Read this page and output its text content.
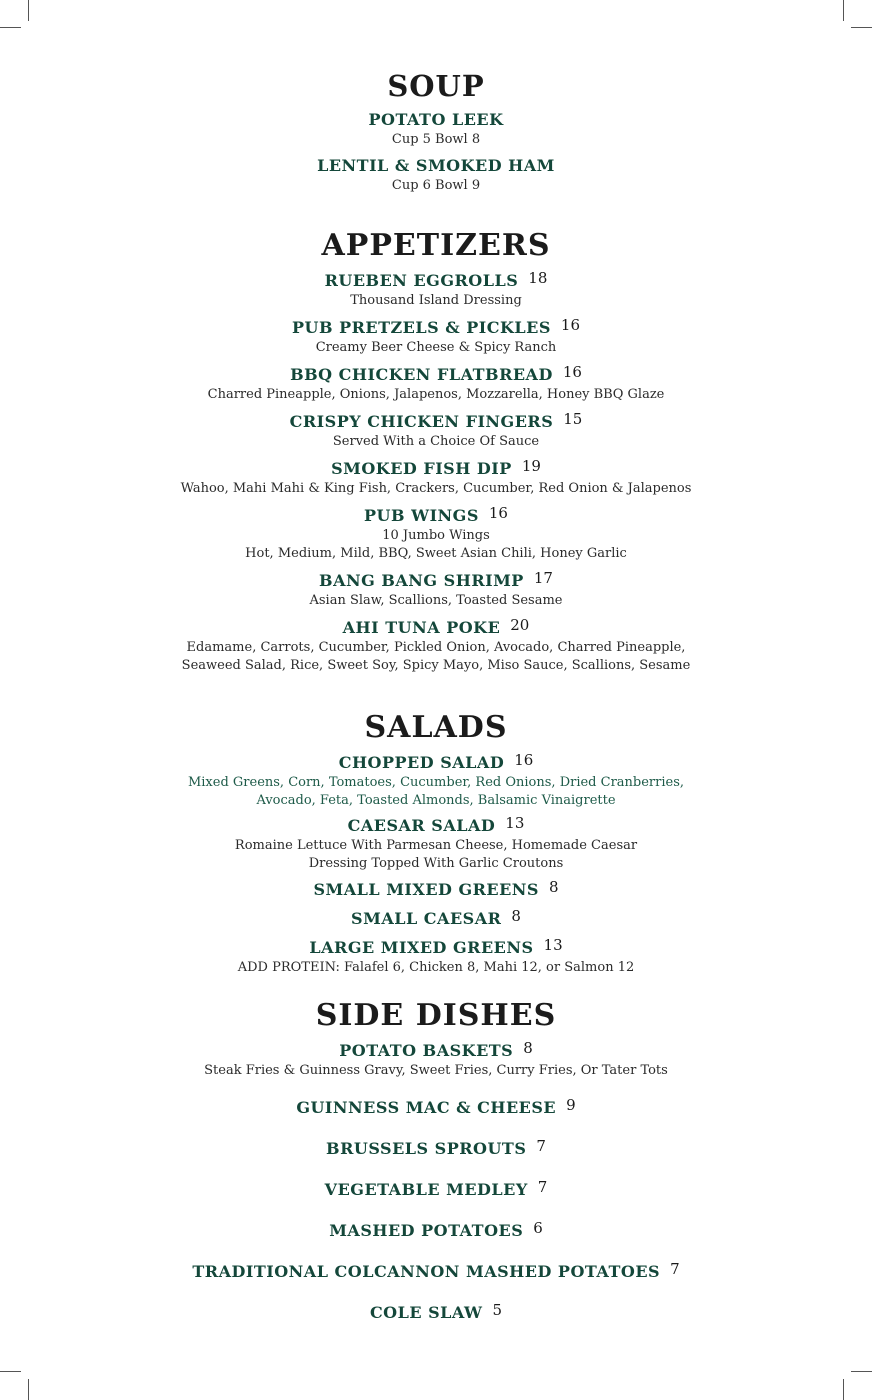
SOUP
POTATO LEEK
Cup 5 Bowl 8
LENTIL & SMOKED HAM
Cup 6 Bowl 9
APPETIZERS
RUEBEN EGGROLLS 18
Thousand Island Dressing
PUB PRETZELS & PICKLES 16
Creamy Beer Cheese & Spicy Ranch
BBQ CHICKEN FLATBREAD 16
Charred Pineapple, Onions, Jalapenos, Mozzarella, Honey BBQ Glaze
CRISPY CHICKEN FINGERS 15
Served With a Choice Of Sauce
SMOKED FISH DIP 19
Wahoo, Mahi Mahi & King Fish, Crackers, Cucumber, Red Onion & Jalapenos
PUB WINGS 16
10 Jumbo Wings
Hot, Medium, Mild, BBQ, Sweet Asian Chili, Honey Garlic
BANG BANG SHRIMP 17
Asian Slaw, Scallions, Toasted Sesame
AHI TUNA POKE 20
Edamame, Carrots, Cucumber, Pickled Onion, Avocado, Charred Pineapple,
Seaweed Salad, Rice, Sweet Soy, Spicy Mayo, Miso Sauce, Scallions, Sesame
SALADS
CHOPPED SALAD 16
Mixed Greens, Corn, Tomatoes, Cucumber, Red Onions, Dried Cranberries,
Avocado, Feta, Toasted Almonds, Balsamic Vinaigrette
CAESAR SALAD 13
Romaine Lettuce With Parmesan Cheese, Homemade Caesar
Dressing Topped With Garlic Croutons
SMALL MIXED GREENS 8
SMALL CAESAR 8
LARGE MIXED GREENS 13
ADD PROTEIN: Falafel 6, Chicken 8, Mahi 12, or Salmon 12
SIDE DISHES
POTATO BASKETS 8
Steak Fries & Guinness Gravy, Sweet Fries, Curry Fries, Or Tater Tots
GUINNESS MAC & CHEESE 9
BRUSSELS SPROUTS 7
VEGETABLE MEDLEY 7
MASHED POTATOES 6
TRADITIONAL COLCANNON MASHED POTATOES 7
COLE SLAW 5
